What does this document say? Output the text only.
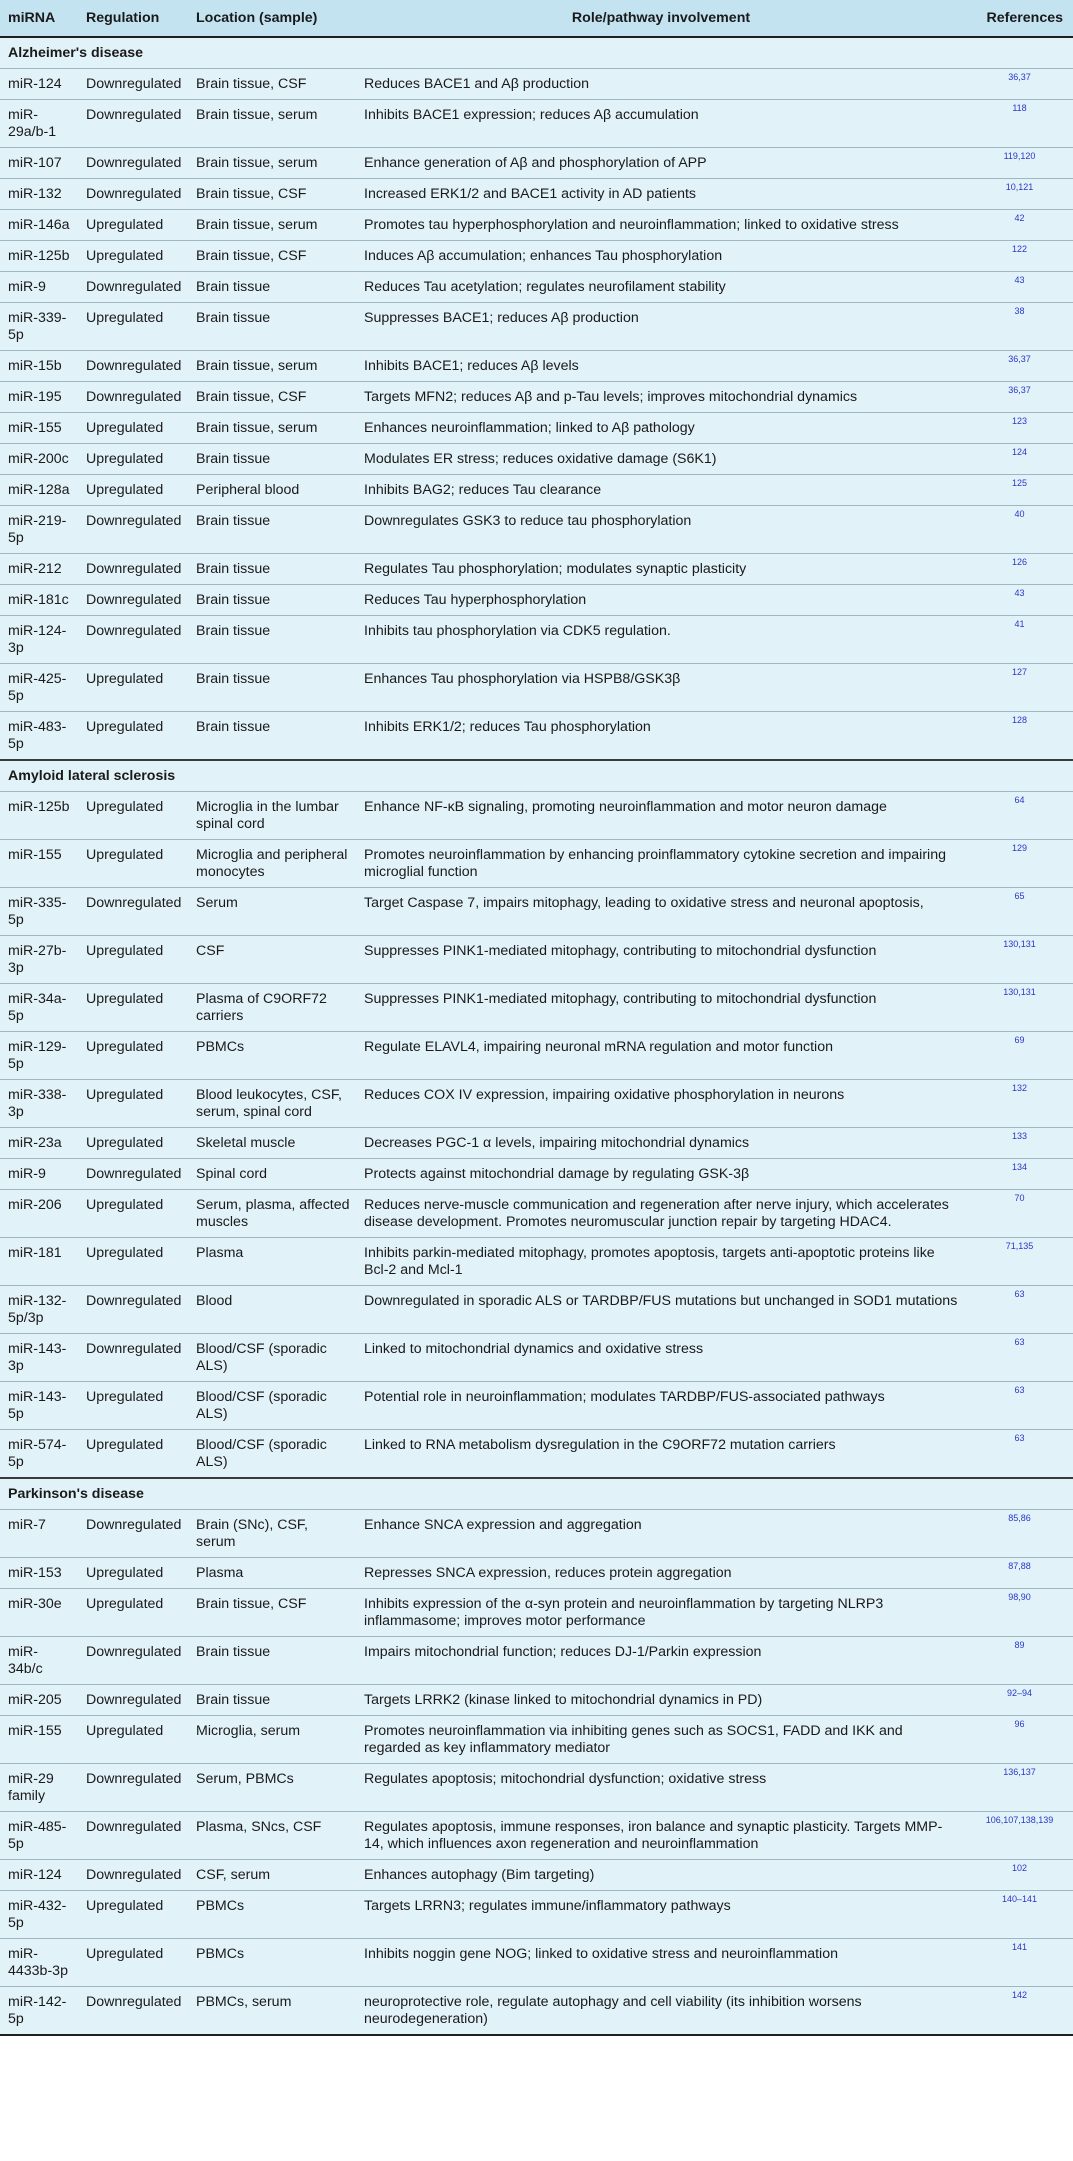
miRNA	Regulation	Location (sample)	Role/pathway involvement	References
Alzheimer's disease				
miR-124	Downregulated	Brain tissue, CSF	Reduces BACE1 and Aβ production	36,37
miR-29a/b-1	Downregulated	Brain tissue, serum	Inhibits BACE1 expression; reduces Aβ accumulation	118
miR-107	Downregulated	Brain tissue, serum	Enhance generation of Aβ and phosphorylation of APP	119,120
miR-132	Downregulated	Brain tissue, CSF	Increased ERK1/2 and BACE1 activity in AD patients	10,121
miR-146a	Upregulated	Brain tissue, serum	Promotes tau hyperphosphorylation and neuroinflammation; linked to oxidative stress	42
miR-125b	Upregulated	Brain tissue, CSF	Induces Aβ accumulation; enhances Tau phosphorylation	122
miR-9	Downregulated	Brain tissue	Reduces Tau acetylation; regulates neurofilament stability	43
miR-339-5p	Upregulated	Brain tissue	Suppresses BACE1; reduces Aβ production	38
miR-15b	Downregulated	Brain tissue, serum	Inhibits BACE1; reduces Aβ levels	36,37
miR-195	Downregulated	Brain tissue, CSF	Targets MFN2; reduces Aβ and p-Tau levels; improves mitochondrial dynamics	36,37
miR-155	Upregulated	Brain tissue, serum	Enhances neuroinflammation; linked to Aβ pathology	123
miR-200c	Upregulated	Brain tissue	Modulates ER stress; reduces oxidative damage (S6K1)	124
miR-128a	Upregulated	Peripheral blood	Inhibits BAG2; reduces Tau clearance	125
miR-219-5p	Downregulated	Brain tissue	Downregulates GSK3 to reduce tau phosphorylation	40
miR-212	Downregulated	Brain tissue	Regulates Tau phosphorylation; modulates synaptic plasticity	126
miR-181c	Downregulated	Brain tissue	Reduces Tau hyperphosphorylation	43
miR-124-3p	Downregulated	Brain tissue	Inhibits tau phosphorylation via CDK5 regulation.	41
miR-425-5p	Upregulated	Brain tissue	Enhances Tau phosphorylation via HSPB8/GSK3β	127
miR-483-5p	Upregulated	Brain tissue	Inhibits ERK1/2; reduces Tau phosphorylation	128
Amyloid lateral sclerosis				
miR-125b	Upregulated	Microglia in the lumbar spinal cord	Enhance NF-κB signaling, promoting neuroinflammation and motor neuron damage	64
miR-155	Upregulated	Microglia and peripheral monocytes	Promotes neuroinflammation by enhancing proinflammatory cytokine secretion and impairing microglial function	129
miR-335-5p	Downregulated	Serum	Target Caspase 7, impairs mitophagy, leading to oxidative stress and neuronal apoptosis,	65
miR-27b-3p	Upregulated	CSF	Suppresses PINK1-mediated mitophagy, contributing to mitochondrial dysfunction	130,131
miR-34a-5p	Upregulated	Plasma of C9ORF72 carriers	Suppresses PINK1-mediated mitophagy, contributing to mitochondrial dysfunction	130,131
miR-129-5p	Upregulated	PBMCs	Regulate ELAVL4, impairing neuronal mRNA regulation and motor function	69
miR-338-3p	Upregulated	Blood leukocytes, CSF, serum, spinal cord	Reduces COX IV expression, impairing oxidative phosphorylation in neurons	132
miR-23a	Upregulated	Skeletal muscle	Decreases PGC-1 α levels, impairing mitochondrial dynamics	133
miR-9	Downregulated	Spinal cord	Protects against mitochondrial damage by regulating GSK-3β	134
miR-206	Upregulated	Serum, plasma, affected muscles	Reduces nerve-muscle communication and regeneration after nerve injury, which accelerates disease development. Promotes neuromuscular junction repair by targeting HDAC4.	70
miR-181	Upregulated	Plasma	Inhibits parkin-mediated mitophagy, promotes apoptosis, targets anti-apoptotic proteins like Bcl-2 and Mcl-1	71,135
miR-132-5p/3p	Downregulated	Blood	Downregulated in sporadic ALS or TARDBP/FUS mutations but unchanged in SOD1 mutations	63
miR-143-3p	Downregulated	Blood/CSF (sporadic ALS)	Linked to mitochondrial dynamics and oxidative stress	63
miR-143-5p	Upregulated	Blood/CSF (sporadic ALS)	Potential role in neuroinflammation; modulates TARDBP/FUS-associated pathways	63
miR-574-5p	Upregulated	Blood/CSF (sporadic ALS)	Linked to RNA metabolism dysregulation in the C9ORF72 mutation carriers	63
Parkinson's disease				
miR-7	Downregulated	Brain (SNc), CSF, serum	Enhance SNCA expression and aggregation	85,86
miR-153	Upregulated	Plasma	Represses SNCA expression, reduces protein aggregation	87,88
miR-30e	Upregulated	Brain tissue, CSF	Inhibits expression of the α-syn protein and neuroinflammation by targeting NLRP3 inflammasome; improves motor performance	98,90
miR-34b/c	Downregulated	Brain tissue	Impairs mitochondrial function; reduces DJ-1/Parkin expression	89
miR-205	Downregulated	Brain tissue	Targets LRRK2 (kinase linked to mitochondrial dynamics in PD)	92–94
miR-155	Upregulated	Microglia, serum	Promotes neuroinflammation via inhibiting genes such as SOCS1, FADD and IKK and regarded as key inflammatory mediator	96
miR-29 family	Downregulated	Serum, PBMCs	Regulates apoptosis; mitochondrial dysfunction; oxidative stress	136,137
miR-485-5p	Downregulated	Plasma, SNcs, CSF	Regulates apoptosis, immune responses, iron balance and synaptic plasticity. Targets MMP-14, which influences axon regeneration and neuroinflammation	106,107,138,139
miR-124	Downregulated	CSF, serum	Enhances autophagy (Bim targeting)	102
miR-432-5p	Upregulated	PBMCs	Targets LRRN3; regulates immune/inflammatory pathways	140–141
miR-4433b-3p	Upregulated	PBMCs	Inhibits noggin gene NOG; linked to oxidative stress and neuroinflammation	141
miR-142-5p	Downregulated	PBMCs, serum	neuroprotective role, regulate autophagy and cell viability (its inhibition worsens neurodegeneration)	142
